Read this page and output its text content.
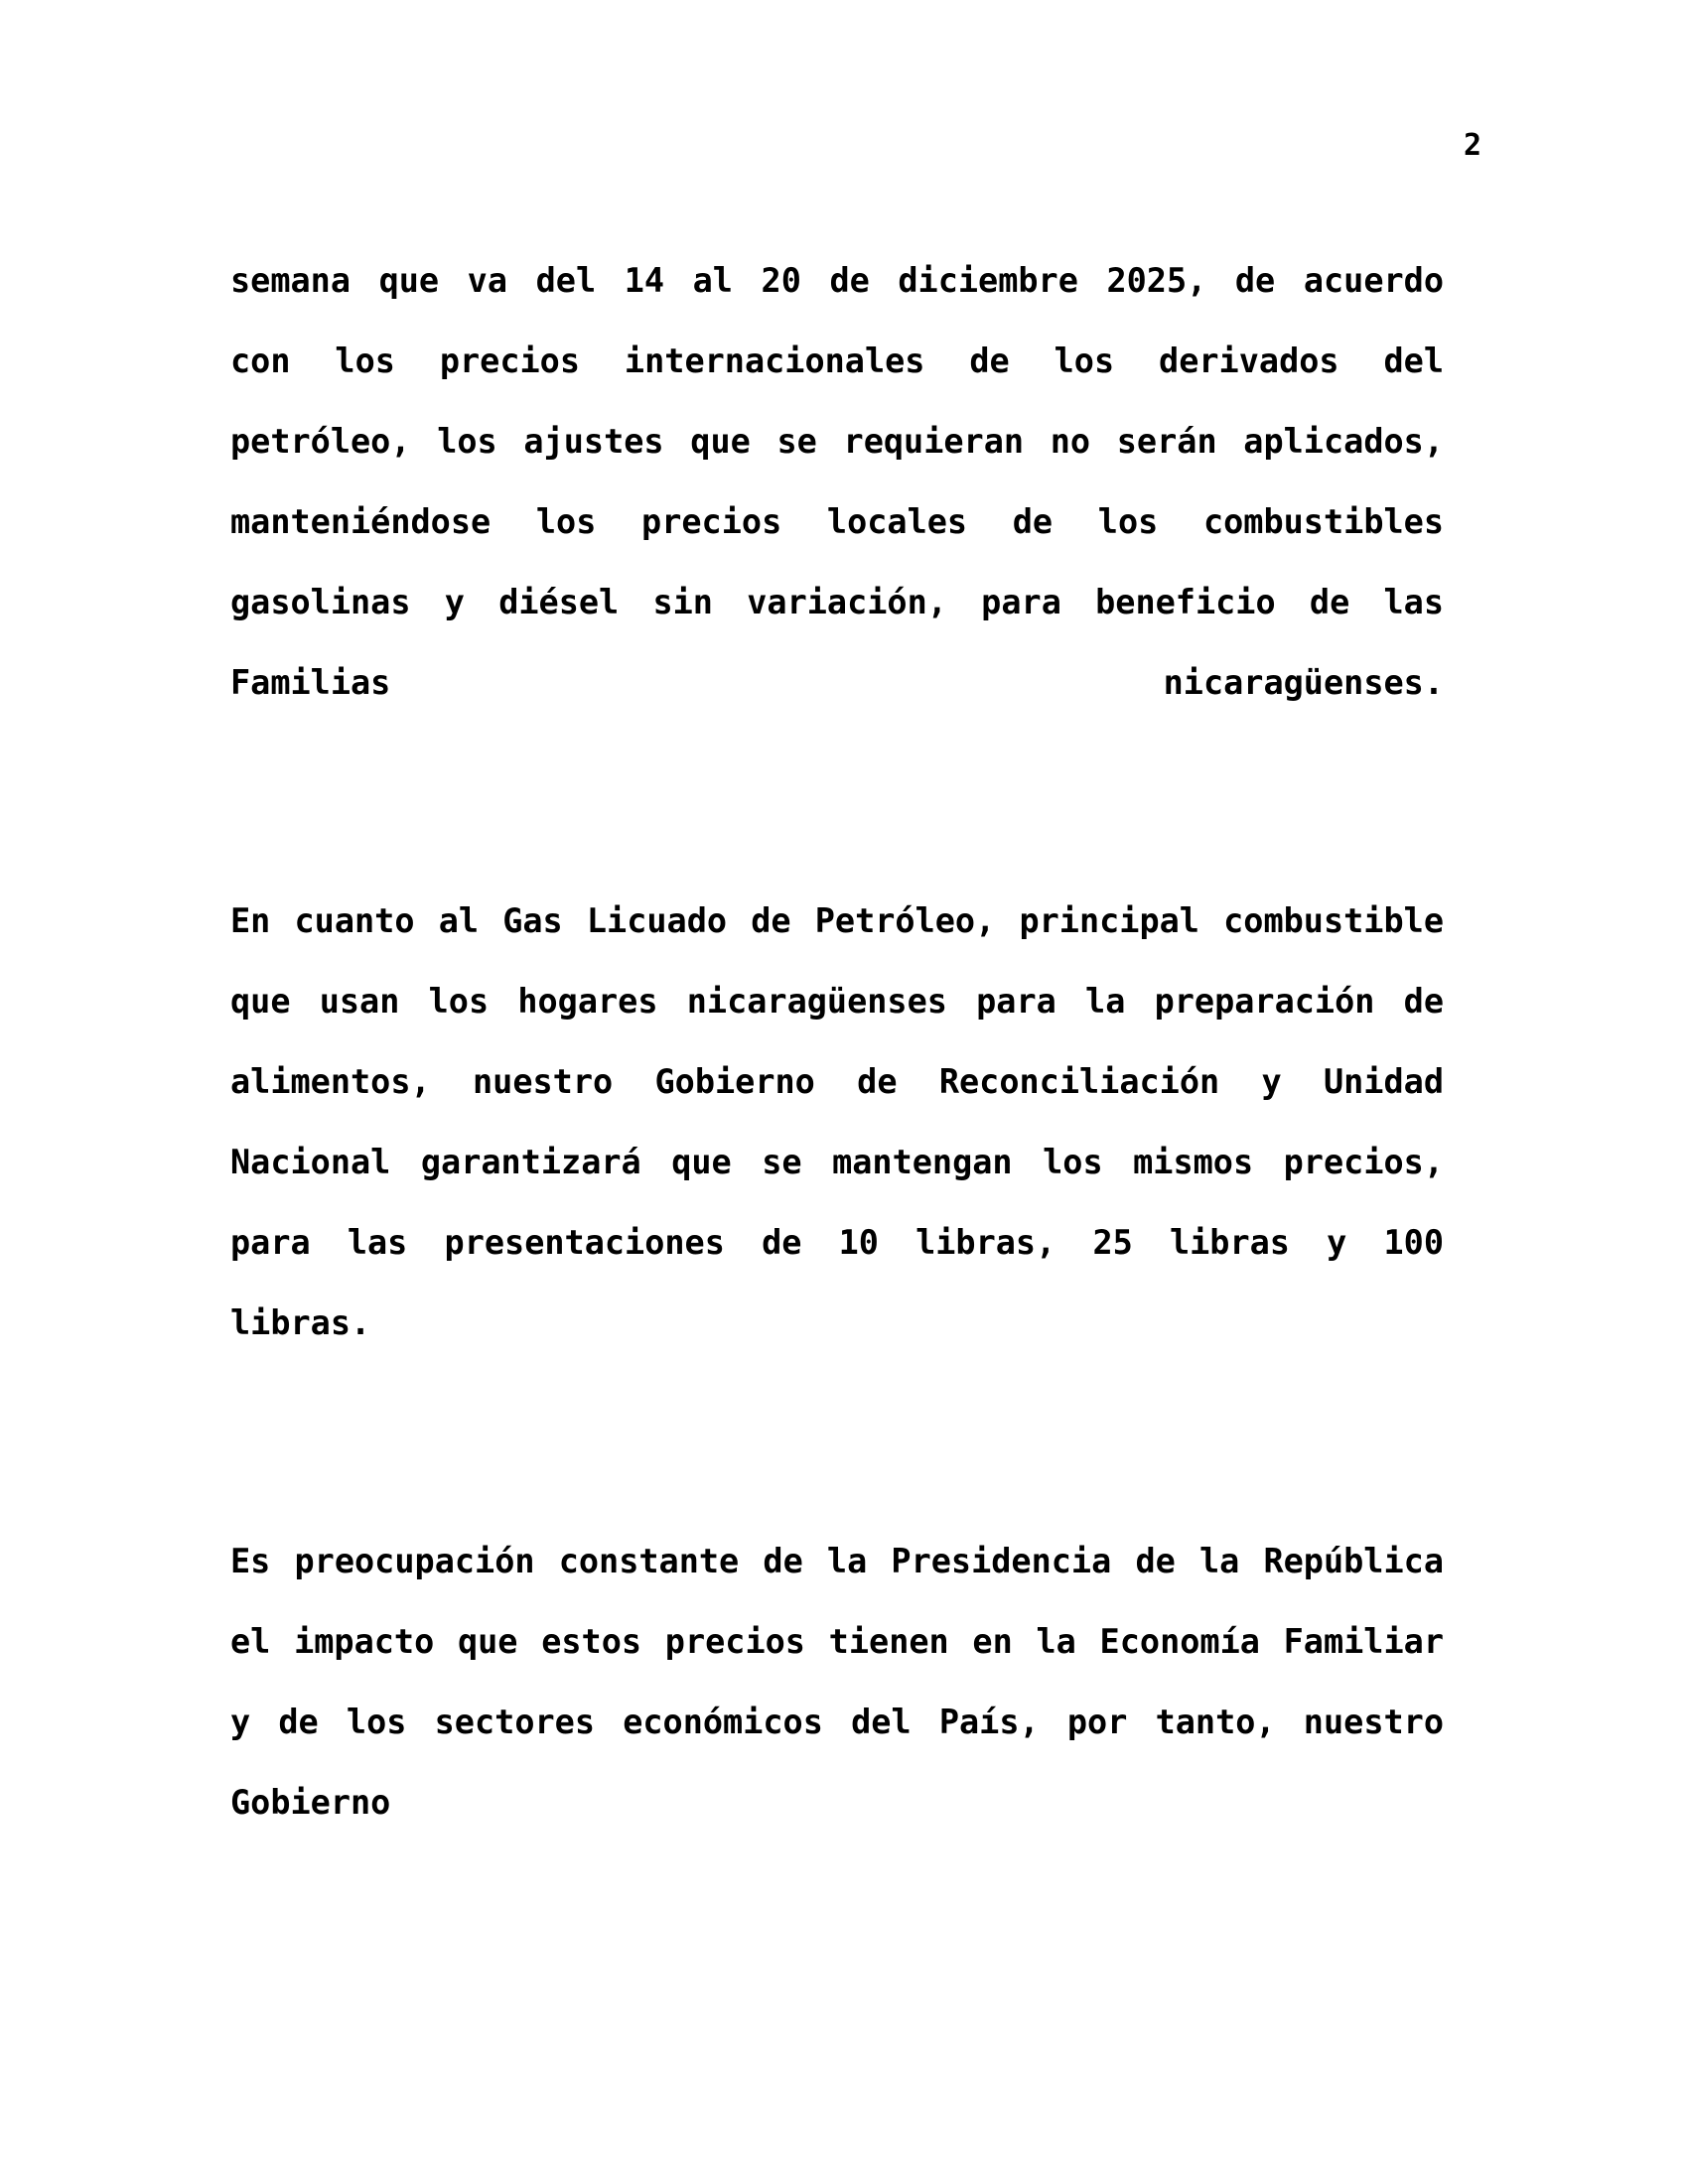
2

semana que va del 14 al 20 de diciembre 2025, de acuerdo con los precios internacionales de los derivados del petróleo, los ajustes que se requieran no serán aplicados, manteniéndose los precios locales de los combustibles gasolinas y diésel sin variación, para beneficio de las Familias nicaragüenses.

En cuanto al Gas Licuado de Petróleo, principal combustible que usan los hogares nicaragüenses para la preparación de alimentos, nuestro Gobierno de Reconciliación y Unidad Nacional garantizará que se mantengan los mismos precios, para las presentaciones de 10 libras, 25 libras y 100 libras.

Es preocupación constante de la Presidencia de la República el impacto que estos precios tienen en la Economía Familiar y de los sectores económicos del País, por tanto, nuestro Gobierno
